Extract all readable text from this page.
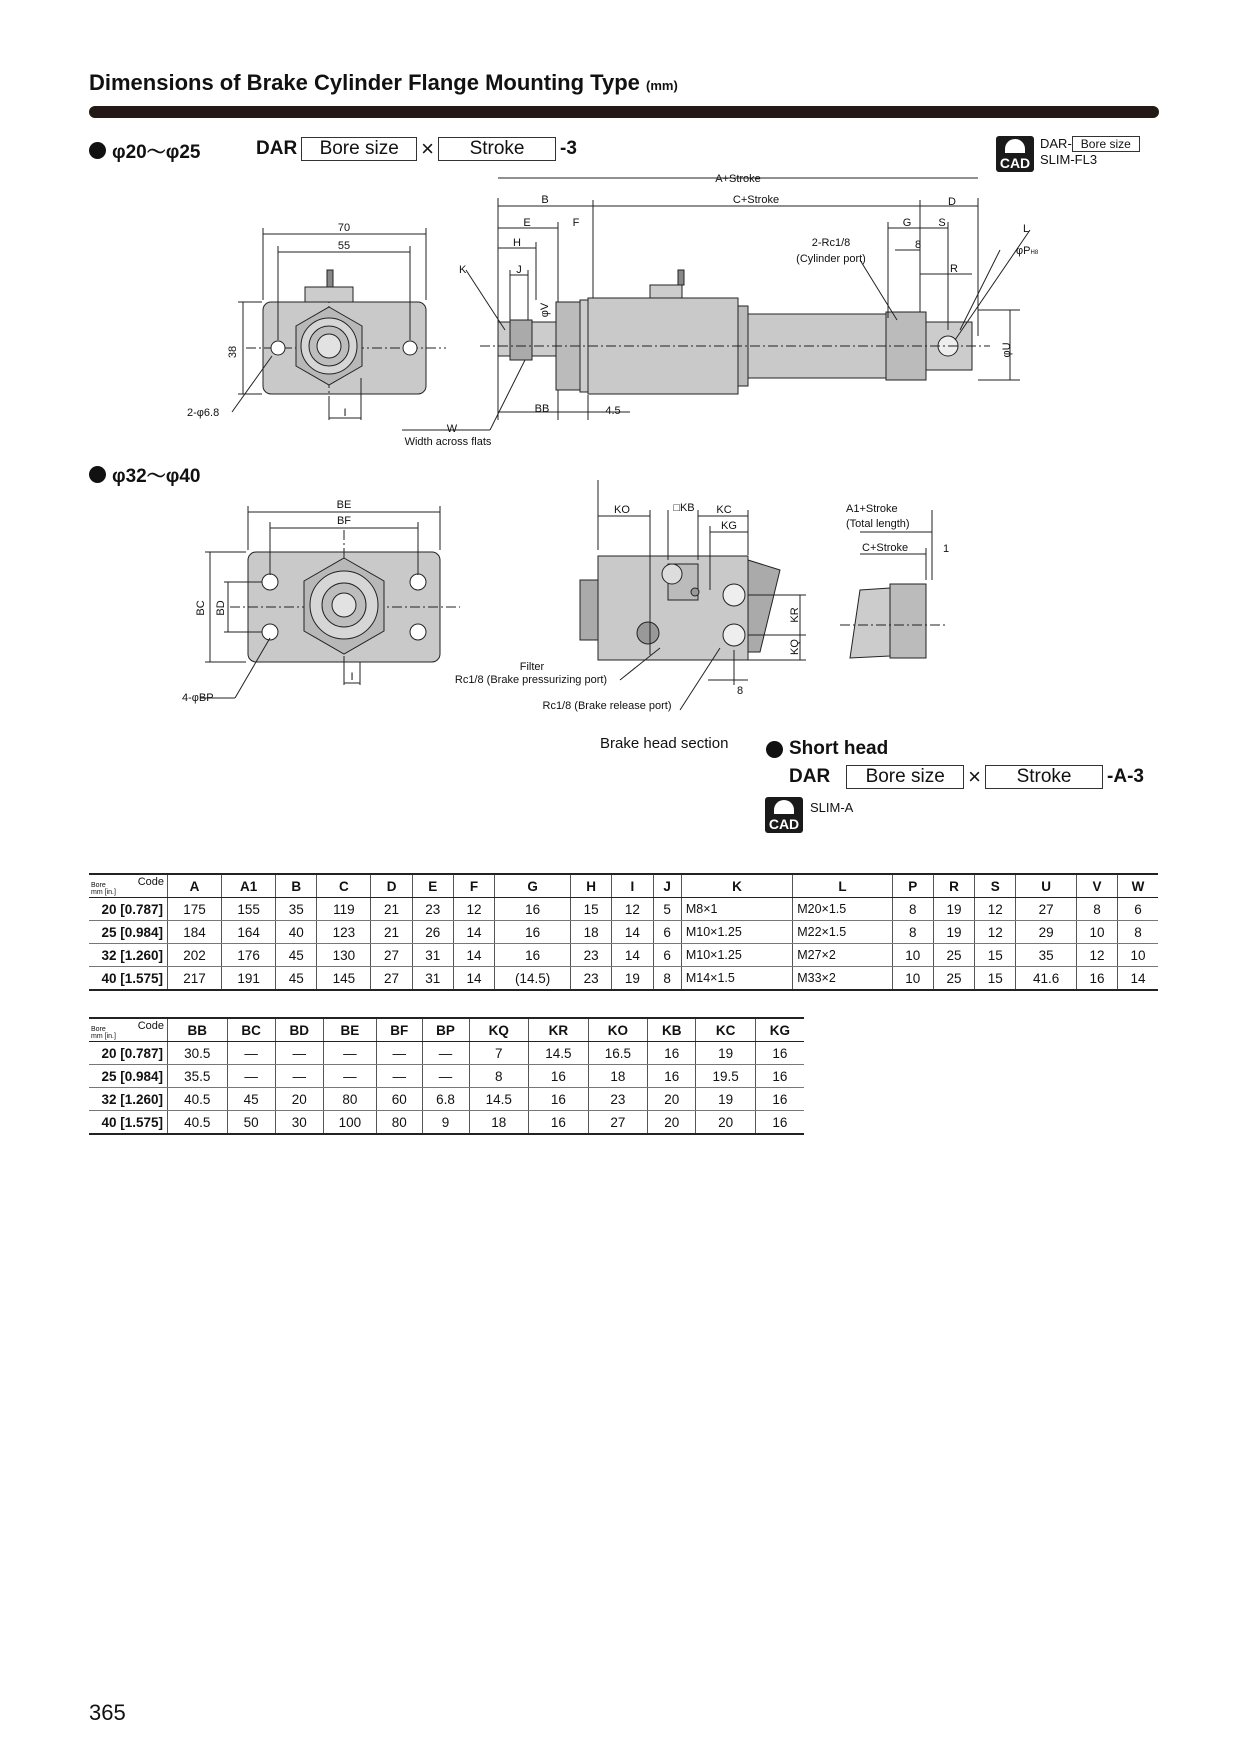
Dimensions of Brake Cylinder Flange Mounting Type (mm)
φ20～φ25	DAR	Bore size	×	Stroke	-3
CAD
DAR- Bore size
SLIM-FL3
70
55
38
2-φ6.8	I
A+Stroke
B	C+Stroke	D
E	F
H
K	J
φV
G S
8
L
φPH8
R
φU
2-Rc1/8
(Cylinder port)
BB	4.5
W
Width across flats
φ32～φ40
BE
BF
BC BD
I
4-φBP
KO	□KB KC
KG
KR
KQ
8
Filter
Rc1/8 (Brake pressurizing port)
Rc1/8 (Brake release port)
A1+Stroke
(Total length)
C+Stroke	1
Brake head section	Short head
DAR	Bore size	×	Stroke	-A-3
CAD
SLIM-A
Code
Bore
mm [in.]	A	A1	B	C	D	E	F	G	H	I	J	K	L	P	R	S	U	V	W
20 [0.787]	175	155	35	119	21	23	12	16	15	12	5	M8×1	M20×1.5	8	19	12	27	8	6
25 [0.984]	184	164	40	123	21	26	14	16	18	14	6	M10×1.25	M22×1.5	8	19	12	29	10	8
32 [1.260]	202	176	45	130	27	31	14	16	23	14	6	M10×1.25	M27×2	10	25	15	35	12	10
40 [1.575]	217	191	45	145	27	31	14	(14.5)	23	19	8	M14×1.5	M33×2	10	25	15	41.6	16	14
Code
Bore
mm [in.]	BB	BC	BD	BE	BF	BP	KQ	KR	KO	KB	KC	KG
20 [0.787]	30.5	—	—	—	—	—	7	14.5	16.5	16	19	16
25 [0.984]	35.5	—	—	—	—	—	8	16	18	16	19.5	16
32 [1.260]	40.5	45	20	80	60	6.8	14.5	16	23	20	19	16
40 [1.575]	40.5	50	30	100	80	9	18	16	27	20	20	16
365
